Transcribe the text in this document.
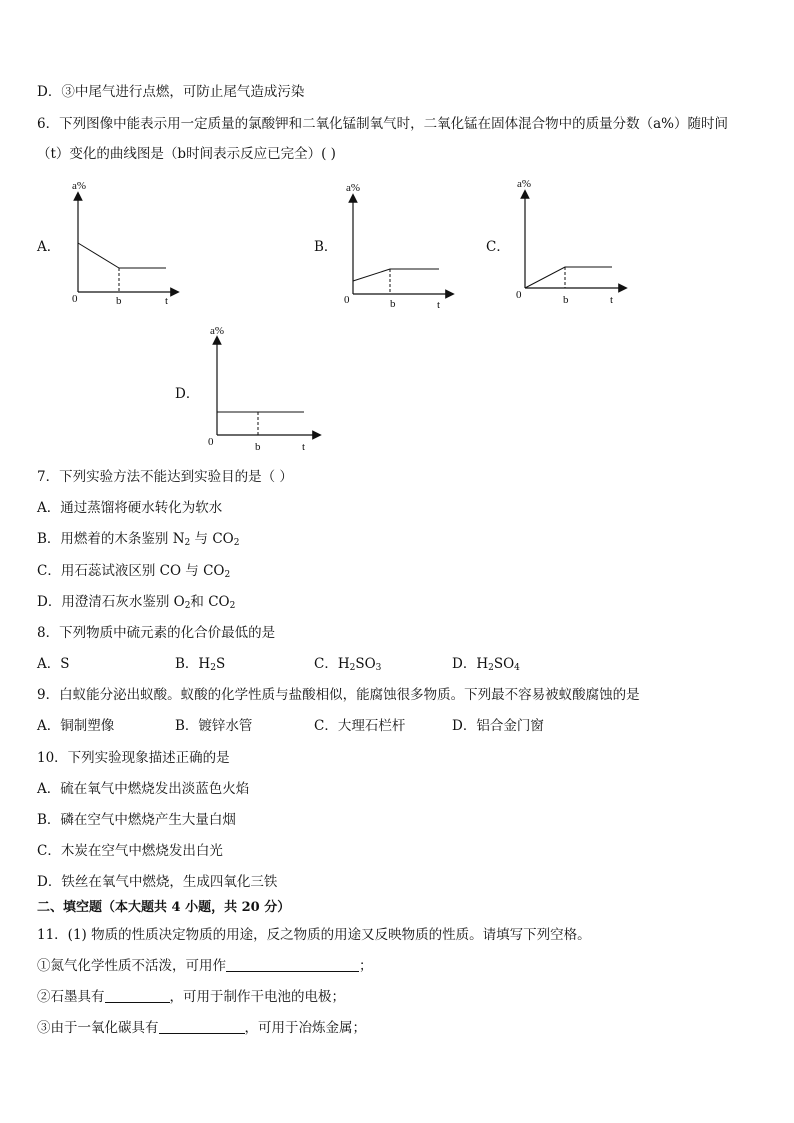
D．③中尾气进行点燃，可防止尾气造成污染
6．下列图像中能表示用一定质量的氯酸钾和二氧化锰制氧气时，二氧化锰在固体混合物中的质量分数（a%）随时间
（t）变化的曲线图是（b时间表示反应已完全）( )
A．
a%
0	b	t
B．
a%
0	b	t
C．
a%
0	b	t
D．
a%
0	b	t
7．下列实验方法不能达到实验目的是（ ）
A．通过蒸馏将硬水转化为软水
B．用燃着的木条鉴别 $N_2$ 与 $CO_2$
C．用石蕊试液区别 CO 与 $CO_2$
D．用澄清石灰水鉴别 $O_2$和 $CO_2$
8．下列物质中硫元素的化合价最低的是
A．S	B．$H_2S$	C．$H_2SO_3$	D．$H_2SO_4$
9．白蚁能分泌出蚁酸。蚁酸的化学性质与盐酸相似，能腐蚀很多物质。下列最不容易被蚁酸腐蚀的是
A．铜制塑像	B．镀锌水管	C．大理石栏杆	D．铝合金门窗
10．下列实验现象描述正确的是
A．硫在氧气中燃烧发出淡蓝色火焰
B．磷在空气中燃烧产生大量白烟
C．木炭在空气中燃烧发出白光
D．铁丝在氧气中燃烧，生成四氧化三铁
二、填空题（本大题共 4 小题，共 20 分）
11．(1) 物质的性质决定物质的用途，反之物质的用途又反映物质的性质。请填写下列空格。
①氮气化学性质不活泼，可用作	；
②石墨具有	，可用于制作干电池的电极；
③由于一氧化碳具有	，可用于冶炼金属；
